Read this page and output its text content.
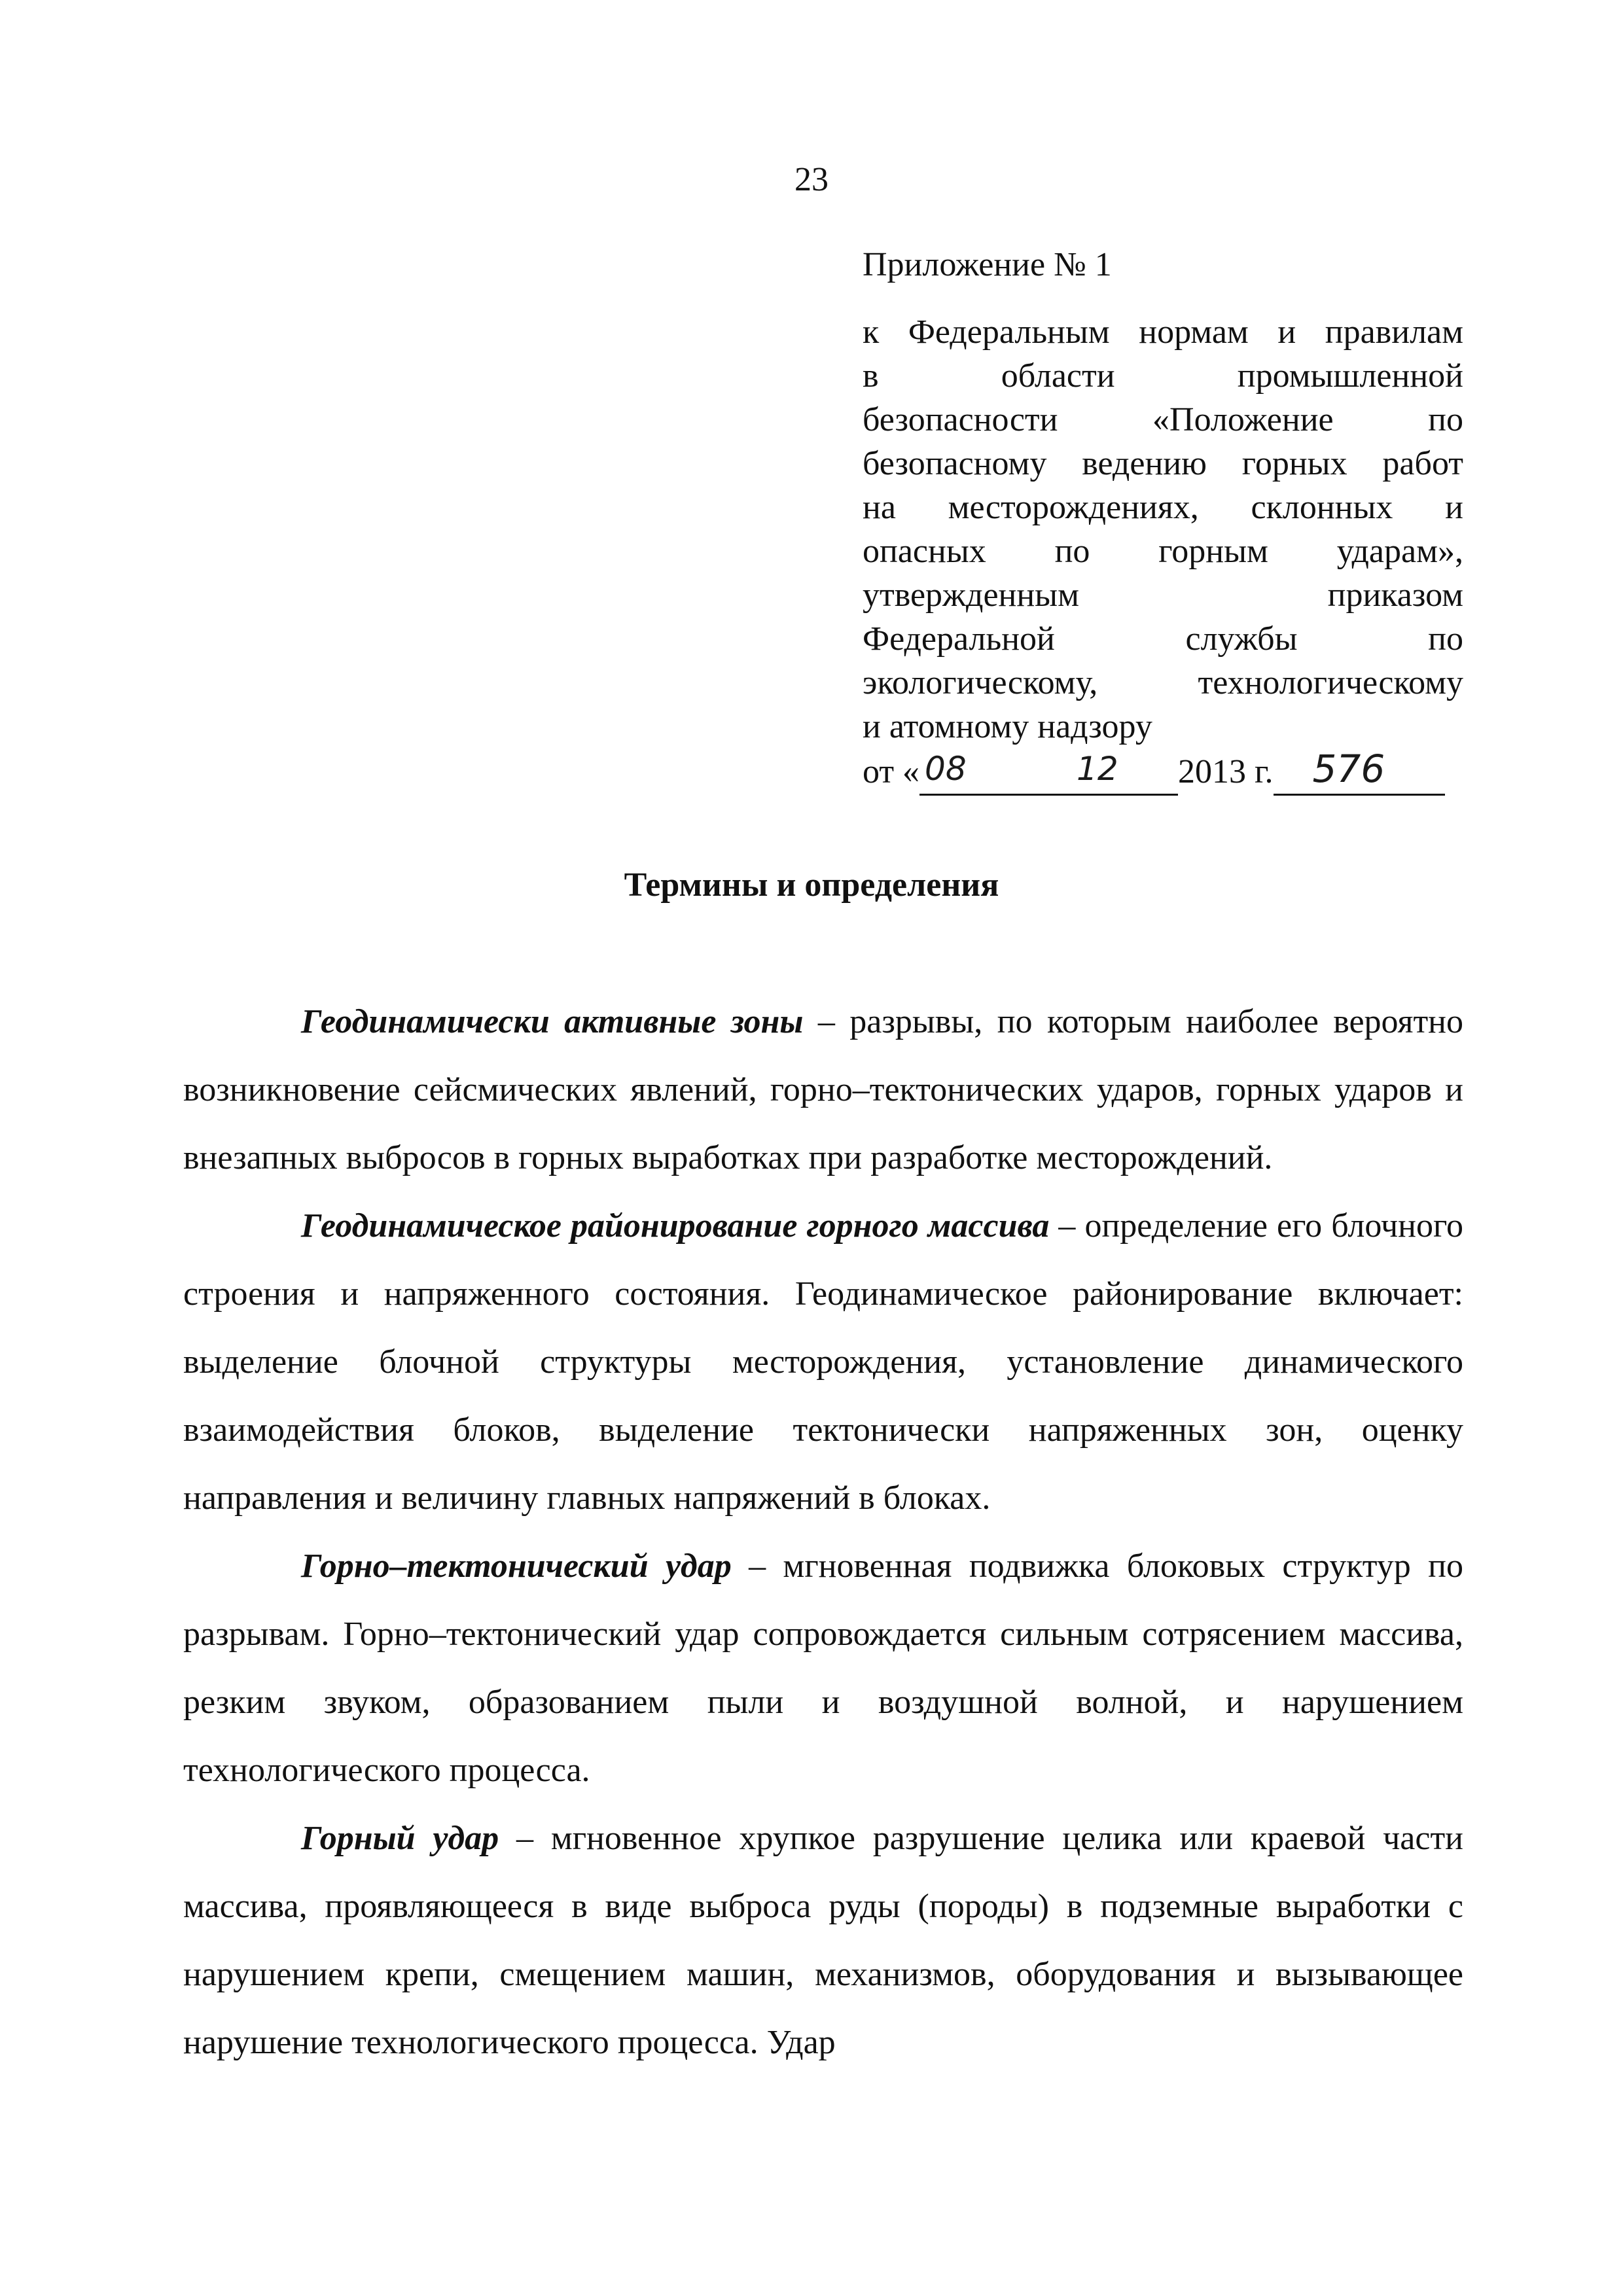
23
Приложение № 1
к Федеральным нормам и правилам
в области промышленной
безопасности «Положение по
безопасному ведению горных работ
на месторождениях, склонных и
опасных по горным ударам»,
утвержденным приказом
Федеральной службы по
экологическому, технологическому
и атомному надзору
от « 08	12 2013 г. 576
Термины и определения

Геодинамически активные зоны – разрывы, по которым наиболее вероятно возникновение сейсмических явлений, горно–тектонических ударов, горных ударов и внезапных выбросов в горных выработках при разработке месторождений.

Геодинамическое районирование горного массива – определение его блочного строения и напряженного состояния. Геодинамическое районирование включает: выделение блочной структуры месторождения, установление динамического взаимодействия блоков, выделение тектонически напряженных зон, оценку направления и величину главных напряжений в блоках.

Горно–тектонический удар – мгновенная подвижка блоковых структур по разрывам. Горно–тектонический удар сопровождается сильным сотрясением массива, резким звуком, образованием пыли и воздушной волной, и нарушением технологического процесса.

Горный удар – мгновенное хрупкое разрушение целика или краевой части массива, проявляющееся в виде выброса руды (породы) в подземные выработки с нарушением крепи, смещением машин, механизмов, оборудования и вызывающее нарушение технологического процесса. Удар
